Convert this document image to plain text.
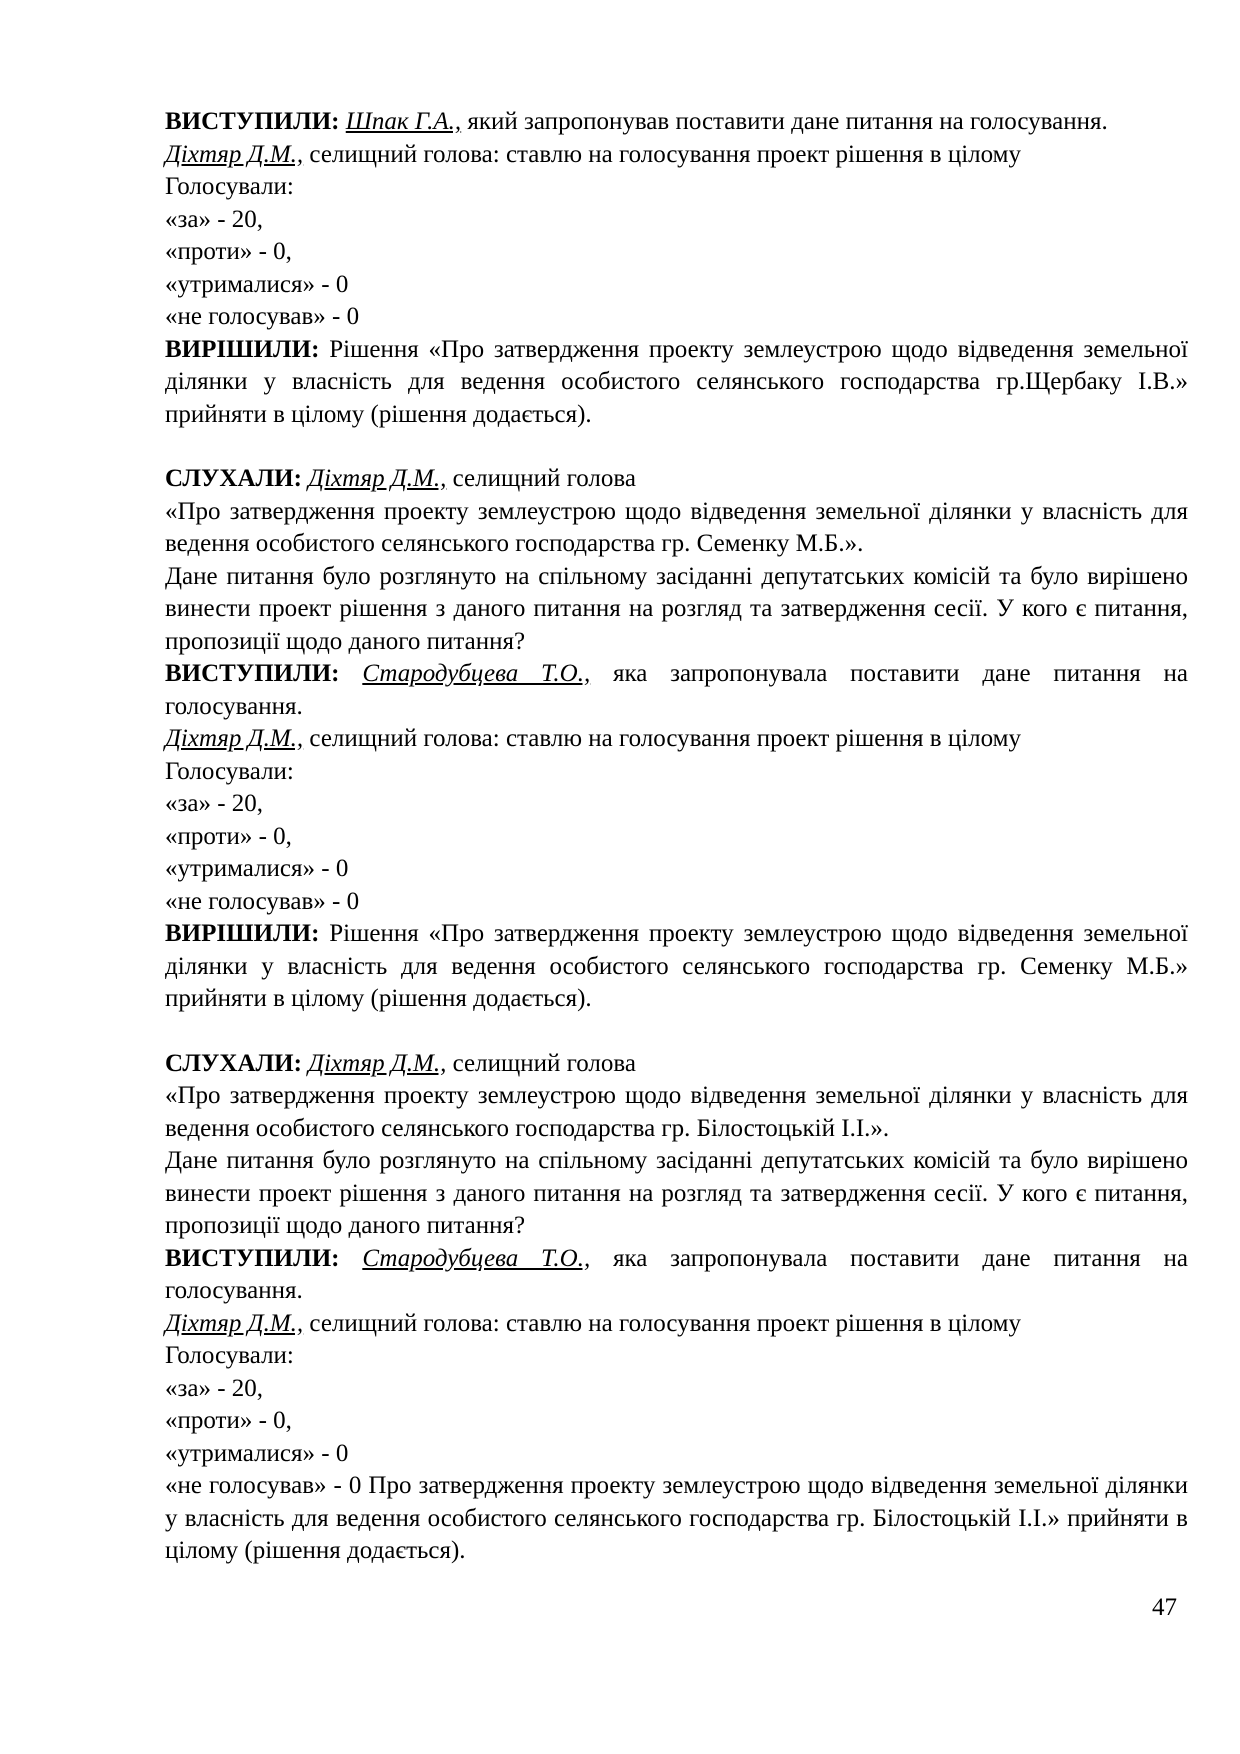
ВИСТУПИЛИ: Шпак Г.А., який запропонував поставити дане питання на голосування.

Діхтяр Д.М., селищний голова: ставлю на голосування проект рішення в цілому

Голосували:

«за» - 20,

«проти» - 0,

«утрималися» - 0

«не голосував» - 0

ВИРІШИЛИ: Рішення «Про затвердження проекту землеустрою щодо відведення земельної ділянки у власність для ведення особистого селянського господарства гр.Щербаку І.В.» прийняти в цілому (рішення додається).

СЛУХАЛИ: Діхтяр Д.М., селищний голова

«Про затвердження проекту землеустрою щодо відведення земельної ділянки у власність для ведення особистого селянського господарства гр. Семенку М.Б.».

Дане питання було розглянуто на спільному засіданні депутатських комісій та було вирішено винести проект рішення з даного питання на розгляд та затвердження сесії. У кого є питання, пропозиції щодо даного питання?

ВИСТУПИЛИ: Стародубцева Т.О., яка запропонувала поставити дане питання на голосування.

Діхтяр Д.М., селищний голова: ставлю на голосування проект рішення в цілому

Голосували:

«за» - 20,

«проти» - 0,

«утрималися» - 0

«не голосував» - 0

ВИРІШИЛИ: Рішення «Про затвердження проекту землеустрою щодо відведення земельної ділянки у власність для ведення особистого селянського господарства гр. Семенку М.Б.» прийняти в цілому (рішення додається).

СЛУХАЛИ: Діхтяр Д.М., селищний голова

«Про затвердження проекту землеустрою щодо відведення земельної ділянки у власність для ведення особистого селянського господарства гр. Білостоцькій І.І.».

Дане питання було розглянуто на спільному засіданні депутатських комісій та було вирішено винести проект рішення з даного питання на розгляд та затвердження сесії. У кого є питання, пропозиції щодо даного питання?

ВИСТУПИЛИ: Стародубцева Т.О., яка запропонувала поставити дане питання на голосування.

Діхтяр Д.М., селищний голова: ставлю на голосування проект рішення в цілому

Голосували:

«за» - 20,

«проти» - 0,

«утрималися» - 0

«не голосував» - 0 Про затвердження проекту землеустрою щодо відведення земельної ділянки у власність для ведення особистого селянського господарства гр. Білостоцькій І.І.» прийняти в цілому (рішення додається).

47
